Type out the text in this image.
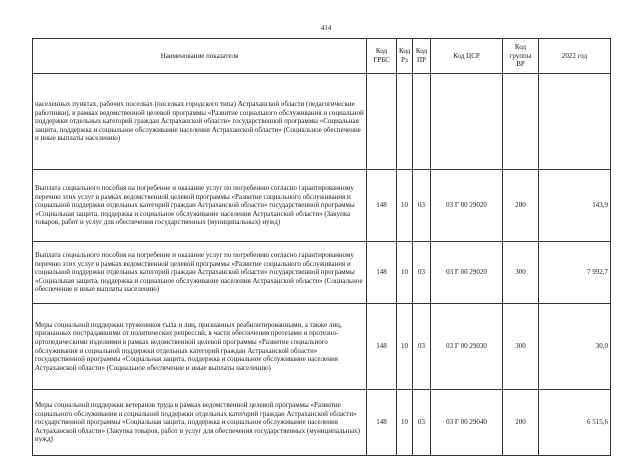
414
Наименование показателя	Код ГРБС	Код Рз	Код ПР	Код ЦСР	Код группы ВР	2022 год
населенных пунктах, рабочих поселках (поселках городского типа) Астраханской области (педагогические работники), в рамках ведомственной целевой программы «Развитие социального обслуживания и социальной поддержки отдельных категорий граждан Астраханской области» государственной программы «Социальная защита, поддержка и социальное обслуживание населения Астраханской области» (Социальное обеспечение и иные выплаты населению)						
Выплата социального пособия на погребение и оказание услуг по погребению согласно гарантированному перечню этих услуг в рамках ведомственной целевой программы «Развитие социального обслуживания и социальной поддержки отдельных категорий граждан Астраханской области» государственной программы «Социальная защита, поддержка и социальное обслуживание населения Астраханской области» (Закупка товаров, работ и услуг для обеспечения государственных (муниципальных) нужд)	148	10	03	03 Г 00 29020	200	143,9
Выплата социального пособия на погребение и оказание услуг по погребению согласно гарантированному перечню этих услуг в рамках ведомственной целевой программы «Развитие социального обслуживания и социальной поддержки отдельных категорий граждан Астраханской области» государственной программы «Социальная защита, поддержка и социальное обслуживание населения Астраханской области» (Социальное обеспечение и иные выплаты населению)	148	10	03	03 Г 00 29020	300	7 992,7
Меры социальной поддержки тружеников тыла и лиц, признанных реабилитированными, а также лиц, признанных пострадавшими от политических репрессий, в части обеспечения протезами и протезно-ортопедическими изделиями в рамках ведомственной целевой программы «Развитие социального обслуживания и социальной поддержки отдельных категорий граждан Астраханской области» государственной программы «Социальная защита, поддержка и социальное обслуживание населения Астраханской области» (Социальное обеспечение и иные выплаты населению)	148	10	03	03 Г 00 29030	300	30,0
Меры социальной поддержки ветеранов труда в рамках ведомственной целевой программы «Развитие социального обслуживания и социальной поддержки отдельных категорий граждан Астраханской области» государственной программы «Социальная защита, поддержка и социальное обслуживание населения Астраханской области» (Закупка товаров, работ и услуг для обеспечения государственных (муниципальных) нужд)	148	10	03	03 Г 00 29040	200	6 515,6
